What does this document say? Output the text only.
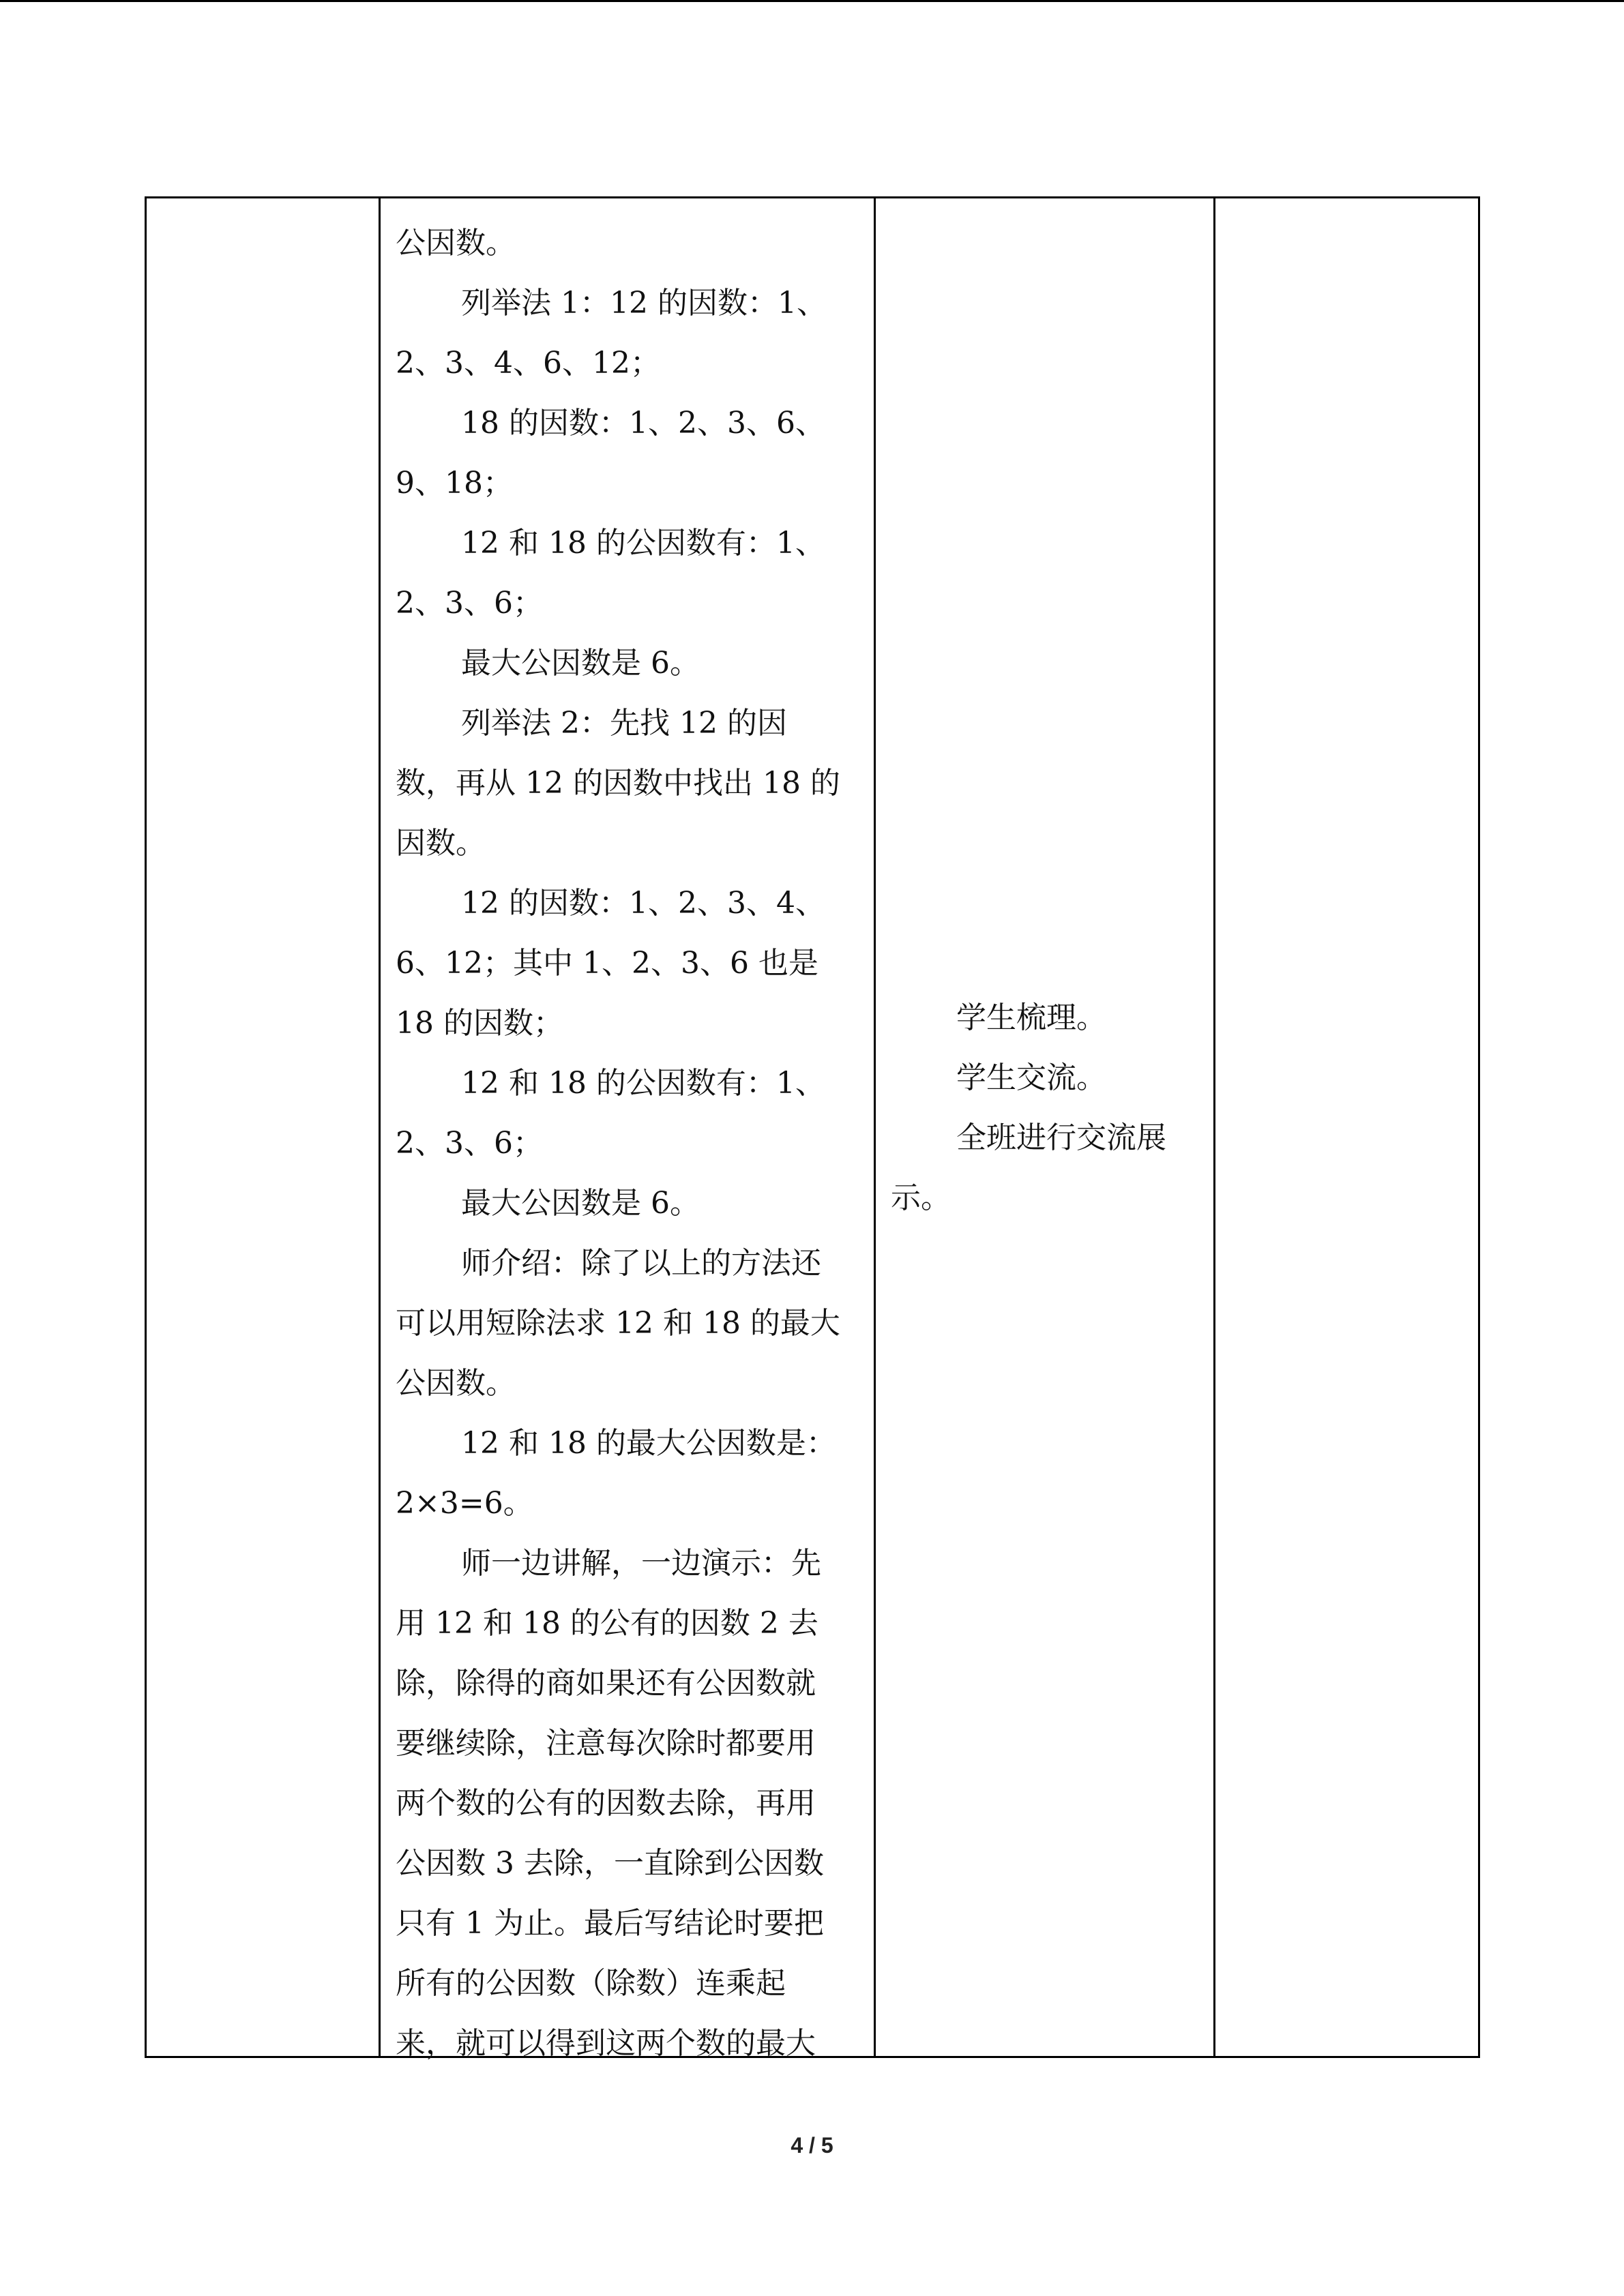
公因数。
列举法 1：12 的因数：1、
2、3、4、6、12；
18 的因数：1、2、3、6、
9、18；
12 和 18 的公因数有：1、
2、3、6；
最大公因数是 6。
列举法 2：先找 12 的因
数，再从 12 的因数中找出 18 的
因数。
12 的因数：1、2、3、4、
6、12；其中 1、2、3、6 也是
18 的因数；
12 和 18 的公因数有：1、
2、3、6；
最大公因数是 6。
师介绍：除了以上的方法还
可以用短除法求 12 和 18 的最大
公因数。
12 和 18 的最大公因数是：
2×3=6。
师一边讲解，一边演示：先
用 12 和 18 的公有的因数 2 去
除，除得的商如果还有公因数就
要继续除，注意每次除时都要用
两个数的公有的因数去除，再用
公因数 3 去除，一直除到公因数
只有 1 为止。最后写结论时要把
所有的公因数（除数）连乘起
来，就可以得到这两个数的最大
学生梳理。
学生交流。
全班进行交流展
示。
4 / 5
